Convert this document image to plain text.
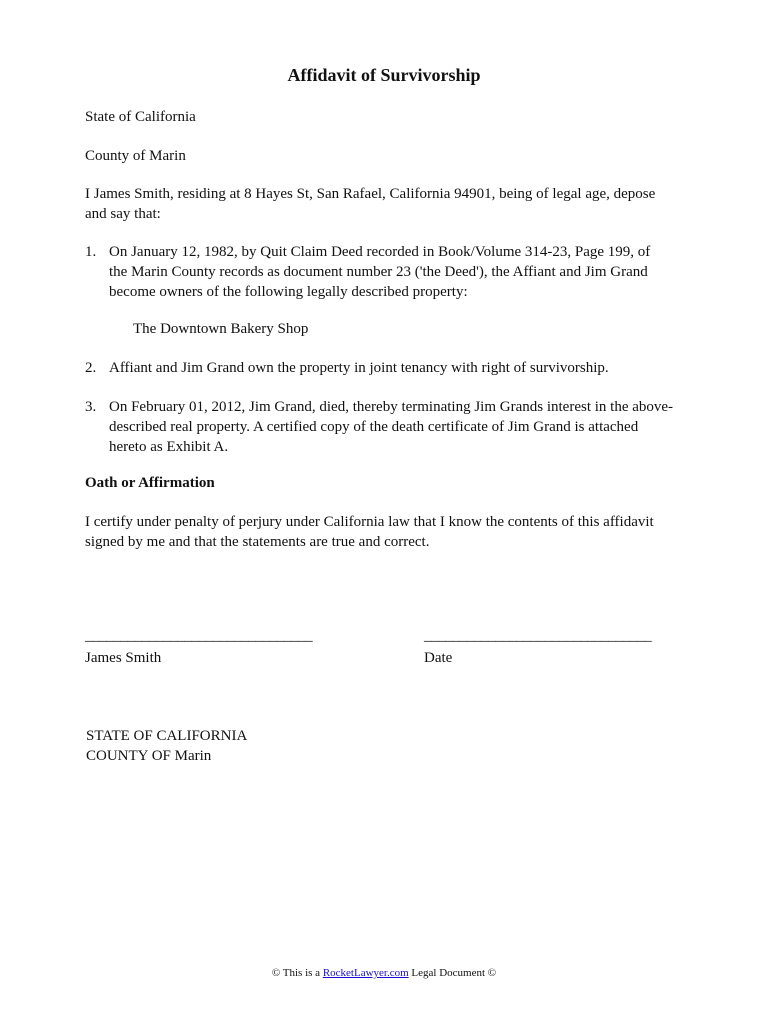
Affidavit of Survivorship
State of California
County of Marin
I James Smith, residing at 8 Hayes St, San Rafael, California 94901, being of legal age, depose
and say that:
1. On January 12, 1982, by Quit Claim Deed recorded in Book/Volume 314-23, Page 199, of
the Marin County records as document number 23 ('the Deed'), the Affiant and Jim Grand
become owners of the following legally described property:
The Downtown Bakery Shop
2. Affiant and Jim Grand own the property in joint tenancy with right of survivorship.
3. On February 01, 2012, Jim Grand, died, thereby terminating Jim Grands interest in the above-
described real property. A certified copy of the death certificate of Jim Grand is attached
hereto as Exhibit A.
Oath or Affirmation
I certify under penalty of perjury under California law that I know the contents of this affidavit
signed by me and that the statements are true and correct.
________________________________
James Smith
________________________________
Date
STATE OF CALIFORNIA
COUNTY OF Marin
© This is a RocketLawyer.com Legal Document ©
